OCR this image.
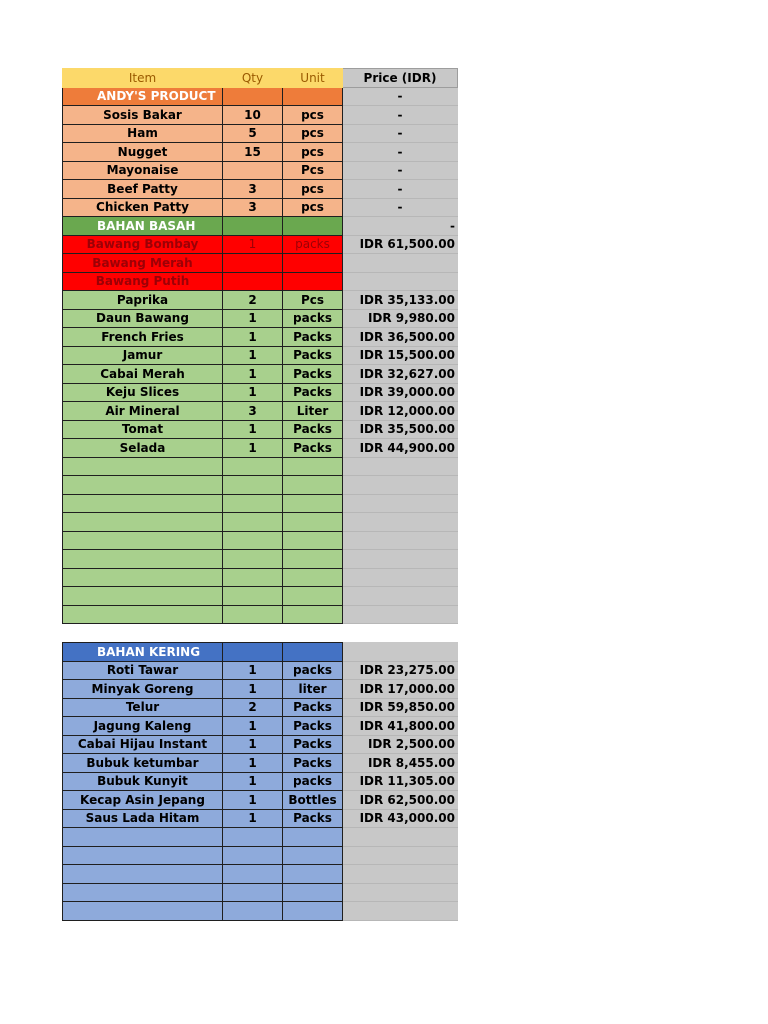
Item	Qty	Unit	Price (IDR)
ANDY'S PRODUCT			-
Sosis Bakar	10	pcs	-
Ham	5	pcs	-
Nugget	15	pcs	-
Mayonaise		Pcs	-
Beef Patty	3	pcs	-
Chicken Patty	3	pcs	-
BAHAN BASAH			-
Bawang Bombay	1	packs	IDR 61,500.00
Bawang Merah			
Bawang Putih			
Paprika	2	Pcs	IDR 35,133.00
Daun Bawang	1	packs	IDR 9,980.00
French Fries	1	Packs	IDR 36,500.00
Jamur	1	Packs	IDR 15,500.00
Cabai Merah	1	Packs	IDR 32,627.00
Keju Slices	1	Packs	IDR 39,000.00
Air Mineral	3	Liter	IDR 12,000.00
Tomat	1	Packs	IDR 35,500.00
Selada	1	Packs	IDR 44,900.00

BAHAN KERING			
Roti Tawar	1	packs	IDR 23,275.00
Minyak Goreng	1	liter	IDR 17,000.00
Telur	2	Packs	IDR 59,850.00
Jagung Kaleng	1	Packs	IDR 41,800.00
Cabai Hijau Instant	1	Packs	IDR 2,500.00
Bubuk ketumbar	1	Packs	IDR 8,455.00
Bubuk Kunyit	1	packs	IDR 11,305.00
Kecap Asin Jepang	1	Bottles	IDR 62,500.00
Saus Lada Hitam	1	Packs	IDR 43,000.00
